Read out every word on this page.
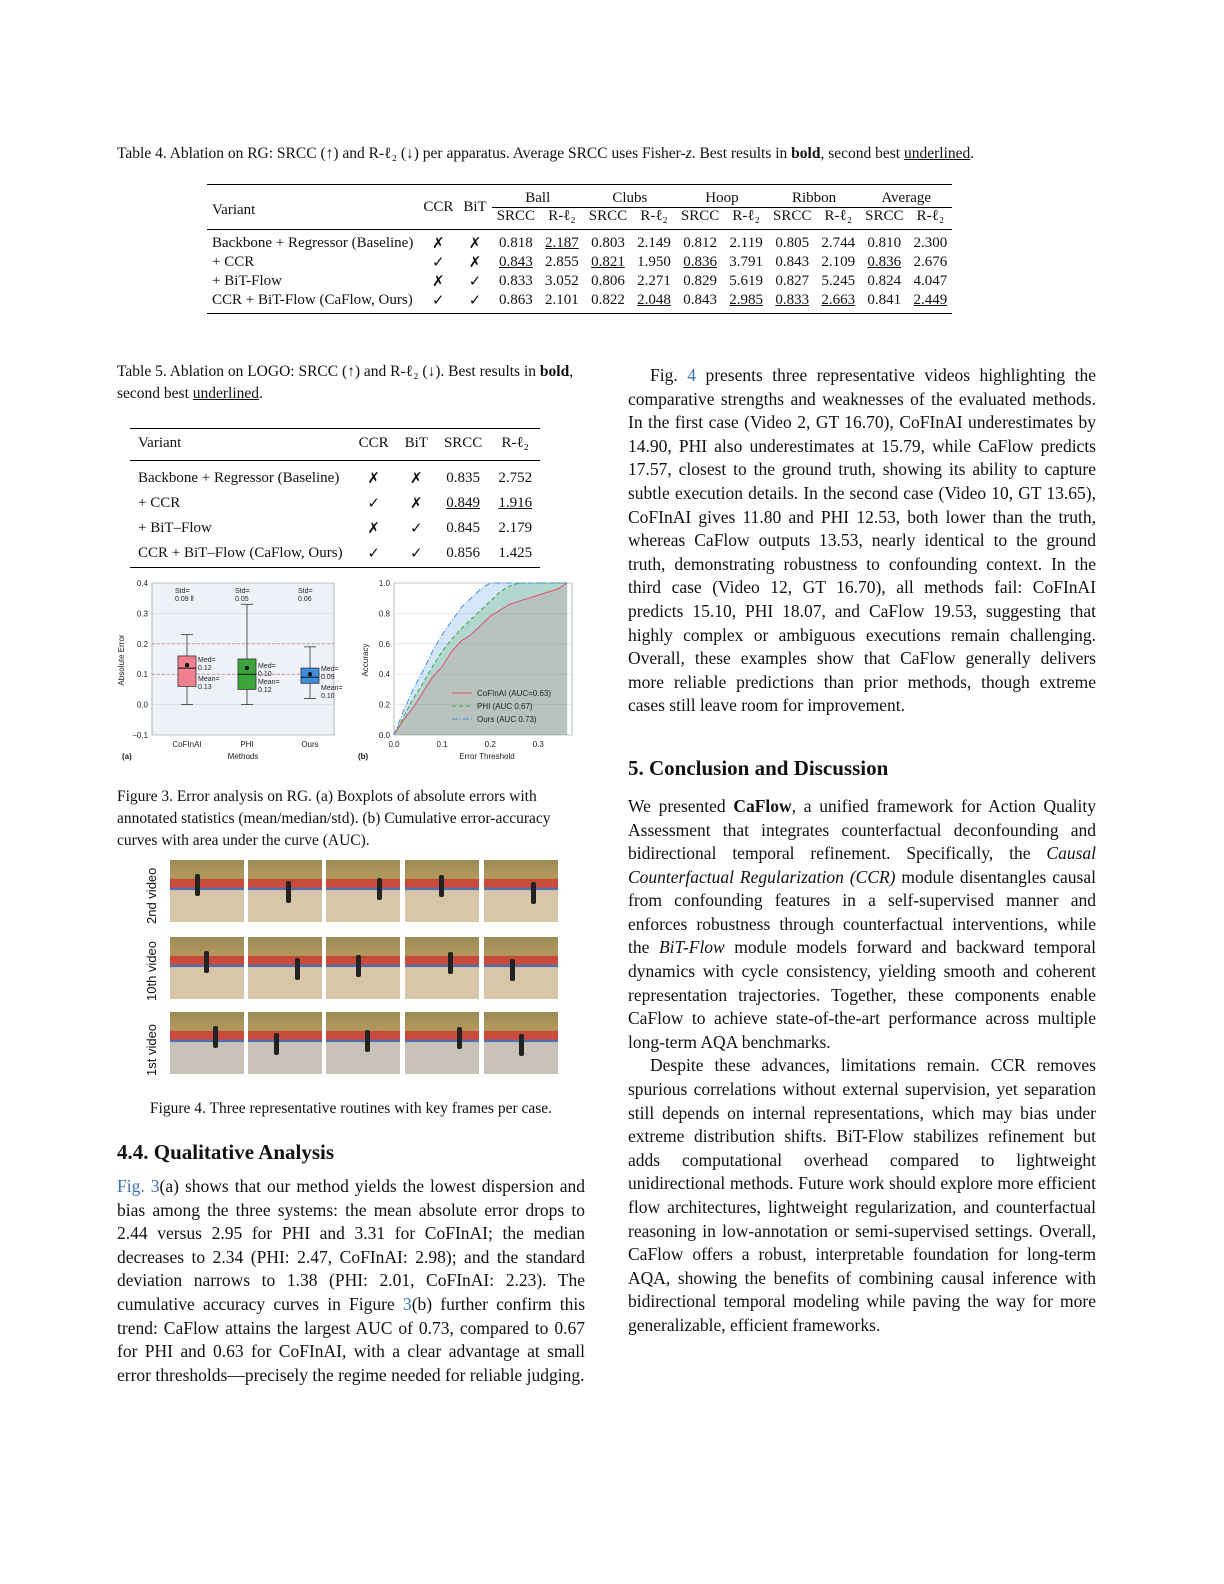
Table 4. Ablation on RG: SRCC (↑) and R-ℓ₂ (↓) per apparatus. Average SRCC uses Fisher-z. Best results in bold, second best underlined.
Variant	CCR	BiT	Ball		Clubs		Hoop		Ribbon		Average	
			SRCC	R-ℓ₂	SRCC	R-ℓ₂	SRCC	R-ℓ₂	SRCC	R-ℓ₂	SRCC	R-ℓ₂
Backbone + Regressor (Baseline)	✗	✗	0.818	2.187	0.803	2.149	0.812	2.119	0.805	2.744	0.810	2.300
+ CCR	✓	✗	0.843	2.855	0.821	1.950	0.836	3.791	0.843	2.109	0.836	2.676
+ BiT-Flow	✗	✓	0.833	3.052	0.806	2.271	0.829	5.619	0.827	5.245	0.824	4.047
CCR + BiT-Flow (CaFlow, Ours)	✓	✓	0.863	2.101	0.822	2.048	0.843	2.985	0.833	2.663	0.841	2.449
Table 5. Ablation on LOGO: SRCC (↑) and R-ℓ₂ (↓). Best results in bold, second best underlined.
Variant	CCR	BiT	SRCC	R-ℓ₂
Backbone + Regressor (Baseline)	✗	✗	0.835	2.752
+ CCR	✓	✗	0.849	1.916
+ BiT–Flow	✗	✓	0.845	2.179
CCR + BiT–Flow (CaFlow, Ours)	✓	✓	0.856	1.425
0.4
0.3
0.2
0.1
0.0
−0.1
Absolute Error
Methods
(a)
Std=
0.09 ll
Med=
0.12
Mean=
0.13
CoFInAI
Std=
0.05
Med=
0.10
Mean=
0.12
PHI
Std=
0.06
Med=
0.09
Mean=
0.10
Ours
1.0
0.8
0.6
0.4
0.2
0.0
0.0	0.1	0.2	0.3
Accuracy
Error Threshold
(b)
CoFInAI (AUC=0.63)
PHI (AUC 0.67)
Ours (AUC 0.73)
Figure 3. Error analysis on RG. (a) Boxplots of absolute errors with annotated statistics (mean/median/std). (b) Cumulative error-accuracy curves with area under the curve (AUC).
2nd video
10th video
1st video
Figure 4. Three representative routines with key frames per case.
4.4. Qualitative Analysis

Fig. 3(a) shows that our method yields the lowest dispersion and bias among the three systems: the mean absolute error drops to 2.44 versus 2.95 for PHI and 3.31 for CoFInAI; the median decreases to 2.34 (PHI: 2.47, CoFInAI: 2.98); and the standard deviation narrows to 1.38 (PHI: 2.01, CoFInAI: 2.23). The cumulative accuracy curves in Figure 3(b) further confirm this trend: CaFlow attains the largest AUC of 0.73, compared to 0.67 for PHI and 0.63 for CoFInAI, with a clear advantage at small error thresholds—precisely the regime needed for reliable judging.

Fig. 4 presents three representative videos highlighting the comparative strengths and weaknesses of the evaluated methods. In the first case (Video 2, GT 16.70), CoFInAI underestimates by 14.90, PHI also underestimates at 15.79, while CaFlow predicts 17.57, closest to the ground truth, showing its ability to capture subtle execution details. In the second case (Video 10, GT 13.65), CoFInAI gives 11.80 and PHI 12.53, both lower than the truth, whereas CaFlow outputs 13.53, nearly identical to the ground truth, demonstrating robustness to confounding context. In the third case (Video 12, GT 16.70), all methods fail: CoFInAI predicts 15.10, PHI 18.07, and CaFlow 19.53, suggesting that highly complex or ambiguous executions remain challenging. Overall, these examples show that CaFlow generally delivers more reliable predictions than prior methods, though extreme cases still leave room for improvement.

5. Conclusion and Discussion

We presented CaFlow, a unified framework for Action Quality Assessment that integrates counterfactual deconfounding and bidirectional temporal refinement. Specifically, the Causal Counterfactual Regularization (CCR) module disentangles causal from confounding features in a self-supervised manner and enforces robustness through counterfactual interventions, while the BiT-Flow module models forward and backward temporal dynamics with cycle consistency, yielding smooth and coherent representation trajectories. Together, these components enable CaFlow to achieve state-of-the-art performance across multiple long-term AQA benchmarks.

Despite these advances, limitations remain. CCR removes spurious correlations without external supervision, yet separation still depends on internal representations, which may bias under extreme distribution shifts. BiT-Flow stabilizes refinement but adds computational overhead compared to lightweight unidirectional methods. Future work should explore more efficient flow architectures, lightweight regularization, and counterfactual reasoning in low-annotation or semi-supervised settings. Overall, CaFlow offers a robust, interpretable foundation for long-term AQA, showing the benefits of combining causal inference with bidirectional temporal modeling while paving the way for more generalizable, efficient frameworks.
